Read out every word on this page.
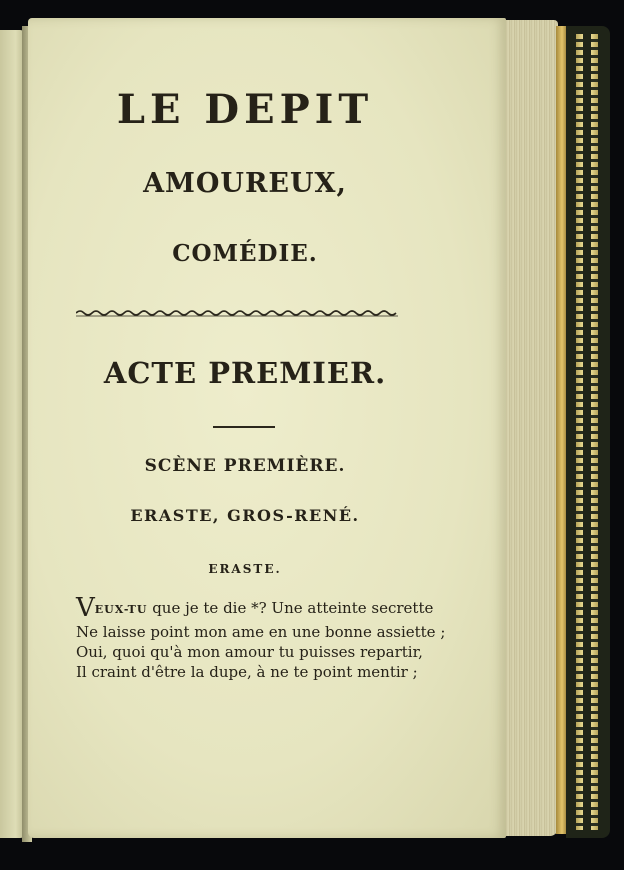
LE DEPIT
AMOUREUX,
COMÉDIE.
ACTE PREMIER.
SCÈNE PREMIÈRE.
ERASTE, GROS-RENÉ.
ERASTE.
VEUX-TU que je te die *? Une atteinte secrette
Ne laisse point mon ame en une bonne assiette ;
Oui, quoi qu'à mon amour tu puisses repartir,
Il craint d'être la dupe, à ne te point mentir ;
